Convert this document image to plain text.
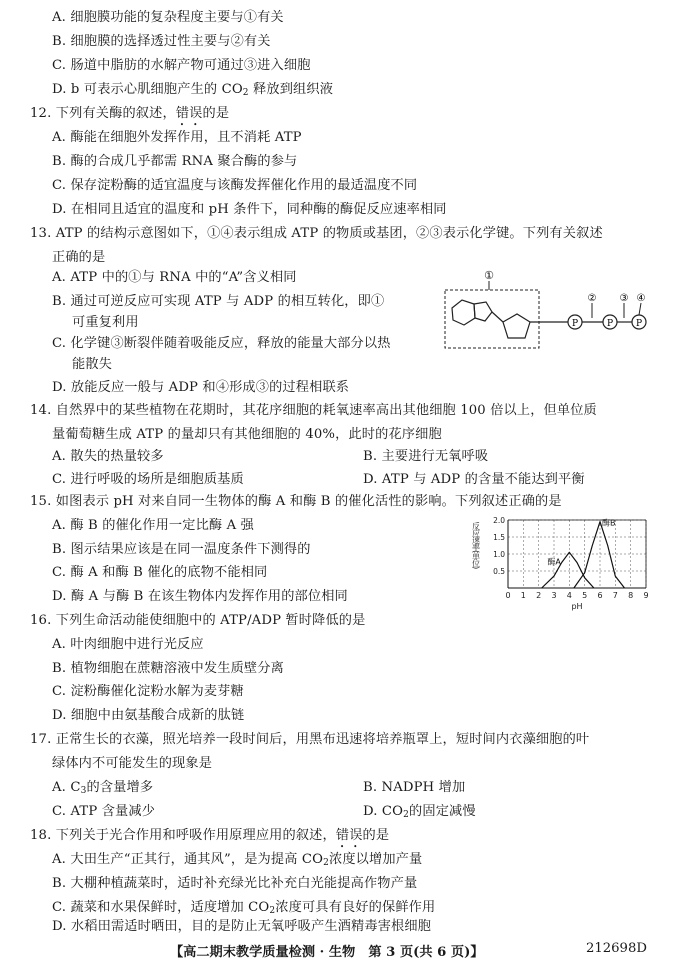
A. 细胞膜功能的复杂程度主要与①有关
B. 细胞膜的选择透过性主要与②有关
C. 肠道中脂肪的水解产物可通过③进入细胞
D. b 可表示心肌细胞产生的 $CO_2$ 释放到组织液
12. 下列有关酶的叙述，错误的是
A. 酶能在细胞外发挥作用，且不消耗 ATP
B. 酶的合成几乎都需 RNA 聚合酶的参与
C. 保存淀粉酶的适宜温度与该酶发挥催化作用的最适温度不同
D. 在相同且适宜的温度和 pH 条件下，同种酶的酶促反应速率相同
13. ATP 的结构示意图如下，①④表示组成 ATP 的物质或基团，②③表示化学键。下列有关叙述
正确的是
A. ATP 中的①与 RNA 中的“A”含义相同
B. 通过可逆反应可实现 ATP 与 ADP 的相互转化，即①
可重复利用
C. 化学键③断裂伴随着吸能反应，释放的能量大部分以热
能散失
D. 放能反应一般与 ADP 和④形成③的过程相联系
①
P	P	P
② ③ ④
14. 自然界中的某些植物在花期时，其花序细胞的耗氧速率高出其他细胞 100 倍以上，但单位质
量葡萄糖生成 ATP 的量却只有其他细胞的 40%，此时的花序细胞
A. 散失的热量较多	B. 主要进行无氧呼吸
C. 进行呼吸的场所是细胞质基质	D. ATP 与 ADP 的含量不能达到平衡
15. 如图表示 pH 对来自同一生物体的酶 A 和酶 B 的催化活性的影响。下列叙述正确的是
A. 酶 B 的催化作用一定比酶 A 强
B. 图示结果应该是在同一温度条件下测得的
C. 酶 A 和酶 B 催化的底物不能相同
D. 酶 A 与酶 B 在该生物体内发挥作用的部位相同	0 1 2 3 4 5 6 7 8 9
0.5
1.0
1.5
2.0
pH
反应速率(单位)	酶A
酶B
16. 下列生命活动能使细胞中的 ATP/ADP 暂时降低的是
A. 叶肉细胞中进行光反应
B. 植物细胞在蔗糖溶液中发生质壁分离
C. 淀粉酶催化淀粉水解为麦芽糖
D. 细胞中由氨基酸合成新的肽链
17. 正常生长的衣藻，照光培养一段时间后，用黑布迅速将培养瓶罩上，短时间内衣藻细胞的叶
绿体内不可能发生的现象是
A. $C_3$的含量增多	B. NADPH 增加
C. ATP 含量减少	D. $CO_2$的固定减慢
18. 下列关于光合作用和呼吸作用原理应用的叙述，错误的是
A. 大田生产“正其行，通其风”，是为提高 $CO_2$浓度以增加产量
B. 大棚种植蔬菜时，适时补充绿光比补充白光能提高作物产量
C. 蔬菜和水果保鲜时，适度增加 $CO_2$浓度可具有良好的保鲜作用
D. 水稻田需适时晒田，目的是防止无氧呼吸产生酒精毒害根细胞
【高二期末教学质量检测 · 生物　第 3 页(共 6 页)】	212698D
